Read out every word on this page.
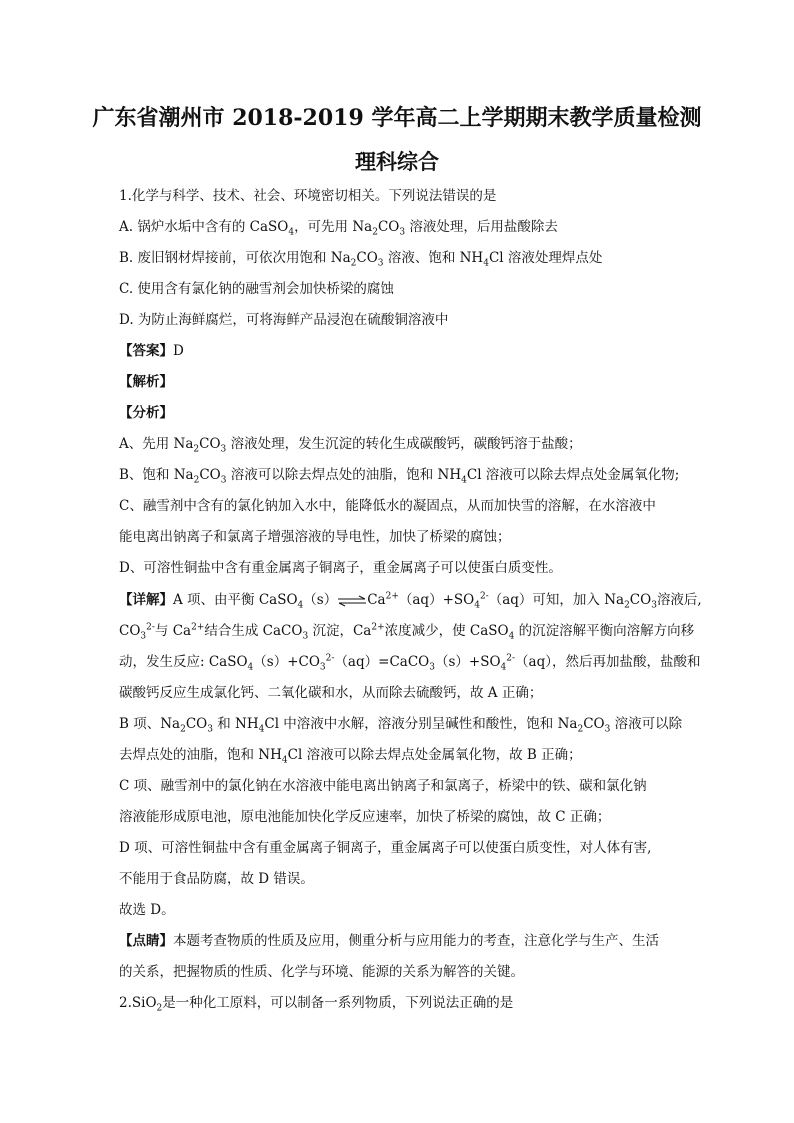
广东省潮州市 2018-2019 学年高二上学期期末教学质量检测
理科综合

1.化学与科学、技术、社会、环境密切相关。下列说法错误的是

A. 锅炉水垢中含有的 CaSO$_4$，可先用 $Na_2CO_3$ 溶液处理，后用盐酸除去

B. 废旧钢材焊接前，可依次用饱和 $Na_2CO_3$ 溶液、饱和 $NH_4Cl$ 溶液处理焊点处

C. 使用含有氯化钠的融雪剂会加快桥梁的腐蚀

D. 为防止海鲜腐烂，可将海鲜产品浸泡在硫酸铜溶液中

【答案】D

【解析】

【分析】

A、先用 $Na_2CO_3$ 溶液处理，发生沉淀的转化生成碳酸钙，碳酸钙溶于盐酸；

B、饱和 $Na_2CO_3$ 溶液可以除去焊点处的油脂，饱和 $NH_4Cl$ 溶液可以除去焊点处金属氧化物;

C、融雪剂中含有的氯化钠加入水中，能降低水的凝固点，从而加快雪的溶解，在水溶液中

能电离出钠离子和氯离子增强溶液的导电性，加快了桥梁的腐蚀；

D、可溶性铜盐中含有重金属离子铜离子，重金属离子可以使蛋白质变性。

【详解】A 项、由平衡 $CaSO_4(s)\rightleftharpoons Ca^{2+}(aq)+SO_4^{2-}(aq)$可知，加入 $Na_2CO_3$溶液后,

$CO_3^{2-}$与 $Ca^{2+}$结合生成 CaCO$_3$ 沉淀，$Ca^{2+}$浓度减少，使 CaSO$_4$ 的沉淀溶解平衡向溶解方向移

动，发生反应: $CaSO_4(s)+CO_3^{2-}(aq)=CaCO_3(s)+SO_4^{2-}(aq)$，然后再加盐酸，盐酸和

碳酸钙反应生成氯化钙、二氧化碳和水，从而除去硫酸钙，故 A 正确；

B 项、$Na_2CO_3$ 和 $NH_4Cl$ 中溶液中水解，溶液分别呈碱性和酸性，饱和 $Na_2CO_3$ 溶液可以除

去焊点处的油脂，饱和 $NH_4Cl$ 溶液可以除去焊点处金属氧化物，故 B 正确；

C 项、融雪剂中的氯化钠在水溶液中能电离出钠离子和氯离子，桥梁中的铁、碳和氯化钠

溶液能形成原电池，原电池能加快化学反应速率，加快了桥梁的腐蚀，故 C 正确；

D 项、可溶性铜盐中含有重金属离子铜离子，重金属离子可以使蛋白质变性，对人体有害,

不能用于食品防腐，故 D 错误。

故选 D。

【点睛】本题考查物质的性质及应用，侧重分析与应用能力的考查，注意化学与生产、生活

的关系，把握物质的性质、化学与环境、能源的关系为解答的关键。

2.SiO$_2$是一种化工原料，可以制备一系列物质，下列说法正确的是
